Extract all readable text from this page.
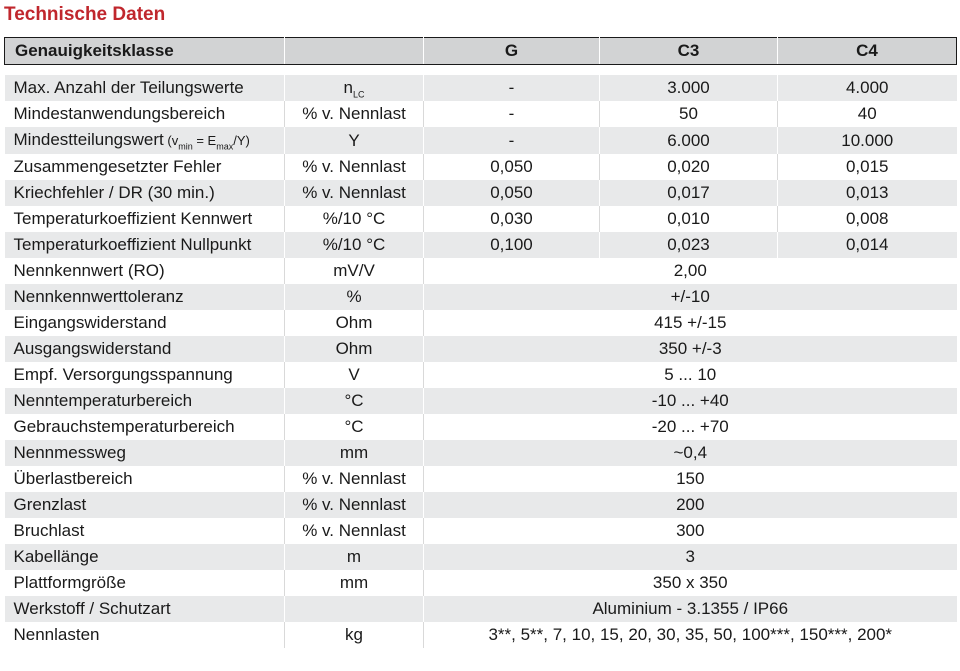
Technische Daten
Genauigkeitsklasse		G	C3	C4

Max. Anzahl der Teilungswerte	$n_{LC}$	-	3.000	4.000
Mindestanwendungsbereich	% v. Nennlast	-	50	40
Mindestteilungswert $(v_{min} = E_{max}/Y)$	Y	-	6.000	10.000
Zusammengesetzter Fehler	% v. Nennlast	0,050	0,020	0,015
Kriechfehler / DR (30 min.)	% v. Nennlast	0,050	0,017	0,013
Temperaturkoeffizient Kennwert	%/10 °C	0,030	0,010	0,008
Temperaturkoeffizient Nullpunkt	%/10 °C	0,100	0,023	0,014
Nennkennwert (RO)	mV/V	2,00		
Nennkennwerttoleranz	%	+/-10		
Eingangswiderstand	Ohm	415 +/-15		
Ausgangswiderstand	Ohm	350 +/-3		
Empf. Versorgungsspannung	V	5 ... 10		
Nenntemperaturbereich	°C	-10 ... +40		
Gebrauchstemperaturbereich	°C	-20 ... +70		
Nennmessweg	mm	~0,4		
Überlastbereich	% v. Nennlast	150		
Grenzlast	% v. Nennlast	200		
Bruchlast	% v. Nennlast	300		
Kabellänge	m	3		
Plattformgröße	mm	350 x 350		
Werkstoff / Schutzart		Aluminium - 3.1355 / IP66		
Nennlasten	kg	3**, 5**, 7, 10, 15, 20, 30, 35, 50, 100***, 150***, 200*		
